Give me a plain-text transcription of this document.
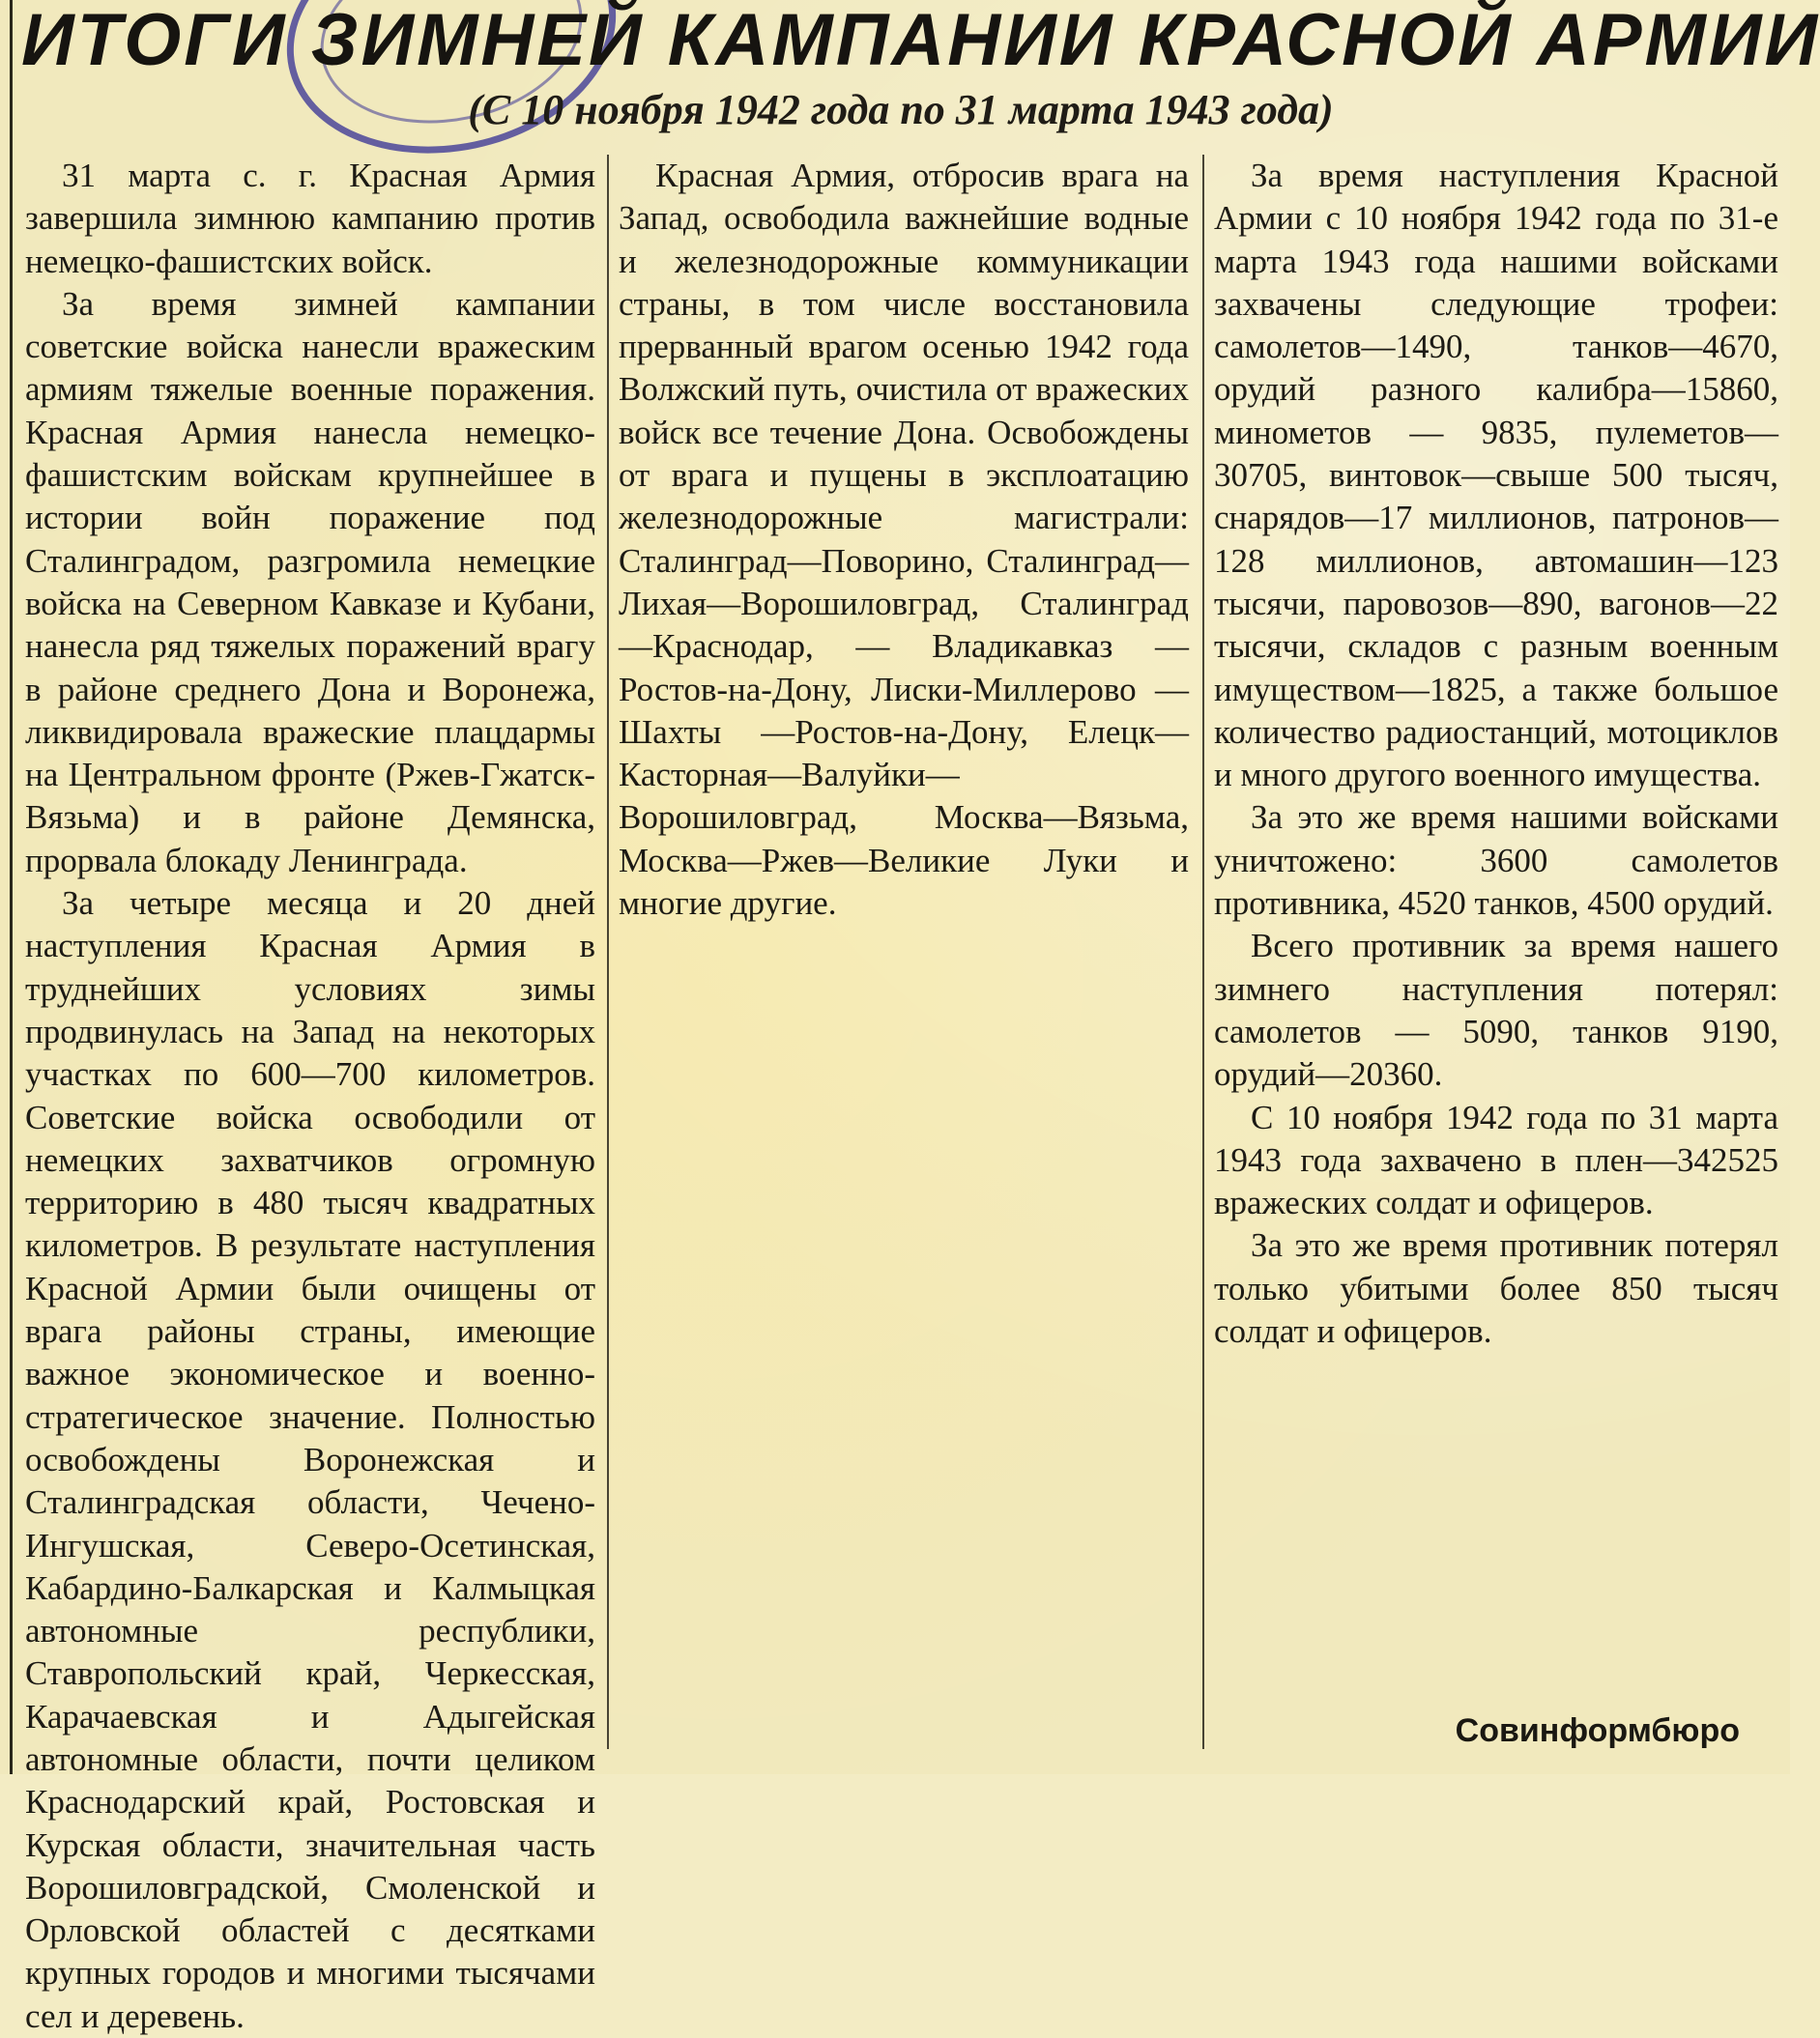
ИТОГИ ЗИМНЕЙ КАМПАНИИ КРАСНОЙ АРМИИ
(С 10 ноября 1942 года по 31 марта 1943 года)

31 марта с. г. Красная Армия завершила зимнюю кампанию против немецко-фашистских войск.

За время зимней кампании советские войска нанесли вражеским армиям тяжелые военные поражения. Красная Армия нанесла немецко-фашистским войскам крупнейшее в истории войн поражение под Сталинградом, разгромила немецкие войска на Северном Кавказе и Кубани, нанесла ряд тяжелых поражений врагу в районе среднего Дона и Воронежа, ликвидировала вражеские плацдармы на Центральном фронте (Ржев-Гжатск-Вязьма) и в районе Демянска, прорвала блокаду Ленинграда.

За четыре месяца и 20 дней наступления Красная Армия в труднейших условиях зимы продвинулась на Запад на некоторых участках по 600—700 километров. Советские войска освободили от немецких захватчиков огромную территорию в 480 тысяч квадратных километров. В результате наступления Красной Армии были очищены от врага районы страны, имеющие важное экономическое и военно-стратегическое значение. Полностью освобождены Воронежская и Сталинградская области, Чечено-Ингушская, Северо-Осетинская, Кабардино-Балкарская и Калмыцкая автономные республики, Ставропольский край, Черкесская, Карачаевская и Адыгейская автономные области, почти целиком Краснодарский край, Ростовская и Курская области, значительная часть Ворошиловградской, Смоленской и Орловской областей с десятками крупных городов и многими тысячами сел и деревень.

Красная Армия, отбросив врага на Запад, освободила важнейшие водные и железнодорожные коммуникации страны, в том числе восстановила прерванный врагом осенью 1942 года Волжский путь, очистила от вражеских войск все течение Дона. Освобождены от врага и пущены в эксплоатацию железнодорожные магистрали: Сталинград—Поворино, Сталинград—Лихая—Ворошиловград, Сталинград—Краснодар, — Владикавказ — Ростов-на-Дону, Лиски-Миллерово — Шахты —Ростов-на-Дону, Елецк—Касторная—Валуйки—Ворошиловград, Москва—Вязьма, Москва—Ржев—Великие Луки и многие другие.

За время наступления Красной Армии с 10 ноября 1942 года по 31-е марта 1943 года нашими войсками захвачены следующие трофеи: самолетов—1490, танков—4670, орудий разного калибра—15860, минометов — 9835, пулеметов—30705, винтовок—свыше 500 тысяч, снарядов—17 миллионов, патронов—128 миллионов, автомашин—123 тысячи, паровозов—890, вагонов—22 тысячи, складов с разным военным имуществом—1825, а также большое количество радиостанций, мотоциклов и много другого военного имущества.

За это же время нашими войсками уничтожено: 3600 самолетов противника, 4520 танков, 4500 орудий.

Всего противник за время нашего зимнего наступления потерял: самолетов — 5090, танков 9190, орудий—20360.

С 10 ноября 1942 года по 31 марта 1943 года захвачено в плен—342525 вражеских солдат и офицеров.

За это же время противник потерял только убитыми более 850 тысяч солдат и офицеров.

Совинформбюро
